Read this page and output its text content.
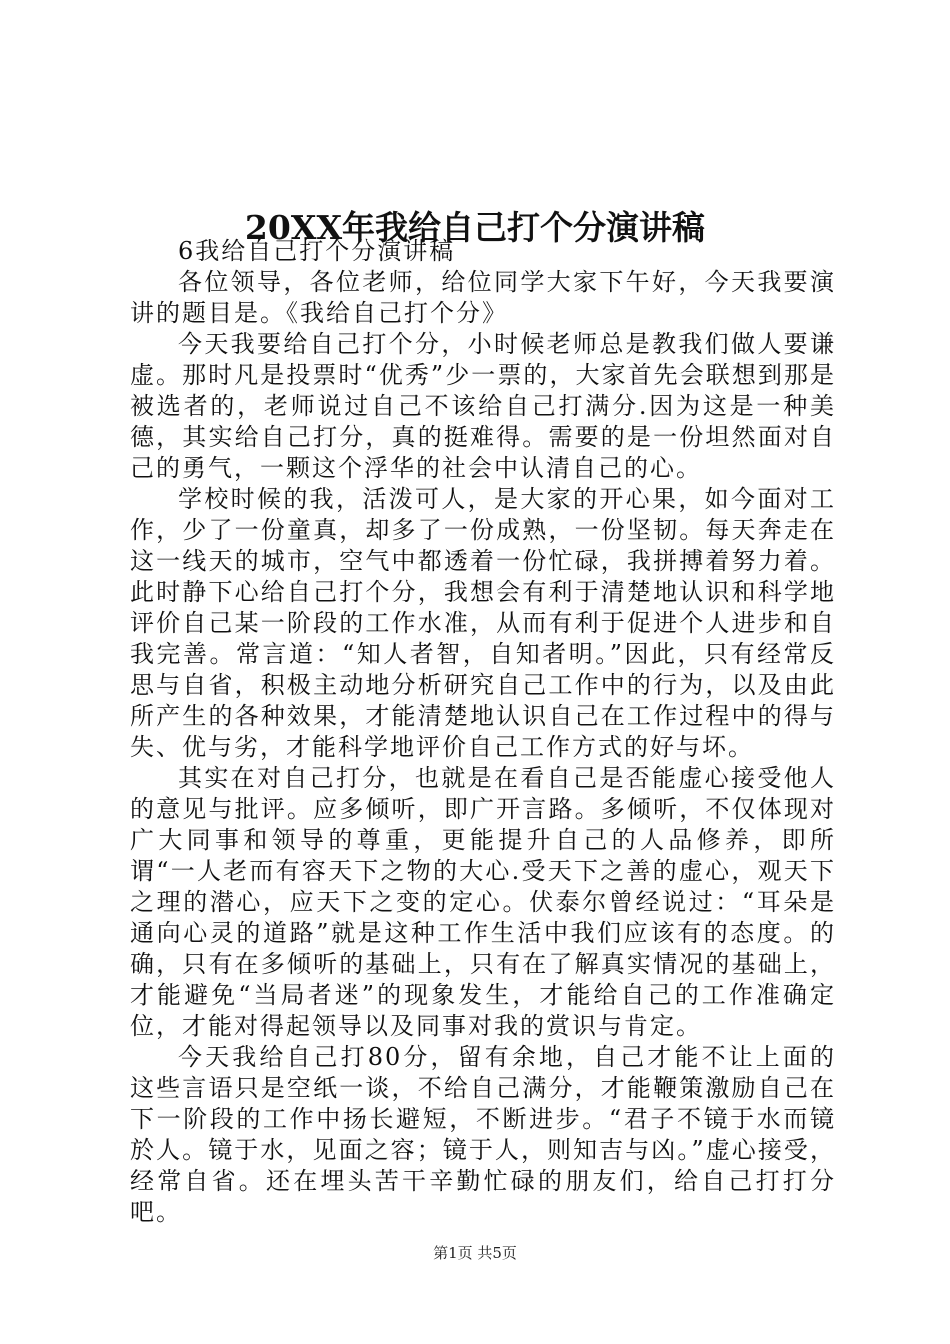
20XX年我给自己打个分演讲稿

6我给自己打个分演讲稿

各位领导，各位老师，给位同学大家下午好，今天我要演讲的题目是。《我给自己打个分》

今天我要给自己打个分，小时候老师总是教我们做人要谦虚。那时凡是投票时“优秀”少一票的，大家首先会联想到那是被选者的，老师说过自己不该给自己打满分.因为这是一种美德，其实给自己打分，真的挺难得。需要的是一份坦然面对自己的勇气，一颗这个浮华的社会中认清自己的心。

学校时候的我，活泼可人，是大家的开心果，如今面对工作，少了一份童真，却多了一份成熟，一份坚韧。每天奔走在这一线天的城市，空气中都透着一份忙碌，我拼搏着努力着。此时静下心给自己打个分，我想会有利于清楚地认识和科学地评价自己某一阶段的工作水准，从而有利于促进个人进步和自我完善。常言道：“知人者智，自知者明。”因此，只有经常反思与自省，积极主动地分析研究自己工作中的行为，以及由此所产生的各种效果，才能清楚地认识自己在工作过程中的得与失、优与劣，才能科学地评价自己工作方式的好与坏。

其实在对自己打分，也就是在看自己是否能虚心接受他人的意见与批评。应多倾听，即广开言路。多倾听，不仅体现对广大同事和领导的尊重，更能提升自己的人品修养，即所谓“一人老而有容天下之物的大心.受天下之善的虚心，观天下之理的潜心，应天下之变的定心。伏泰尔曾经说过：“耳朵是通向心灵的道路”就是这种工作生活中我们应该有的态度。的确，只有在多倾听的基础上，只有在了解真实情况的基础上，才能避免“当局者迷”的现象发生，才能给自己的工作准确定位，才能对得起领导以及同事对我的赏识与肯定。

今天我给自己打80分，留有余地，自己才能不让上面的这些言语只是空纸一谈，不给自己满分，才能鞭策激励自己在下一阶段的工作中扬长避短，不断进步。“君子不镜于水而镜於人。镜于水，见面之容；镜于人，则知吉与凶。”虚心接受，经常自省。还在埋头苦干辛勤忙碌的朋友们，给自己打打分吧。

第1页 共5页
